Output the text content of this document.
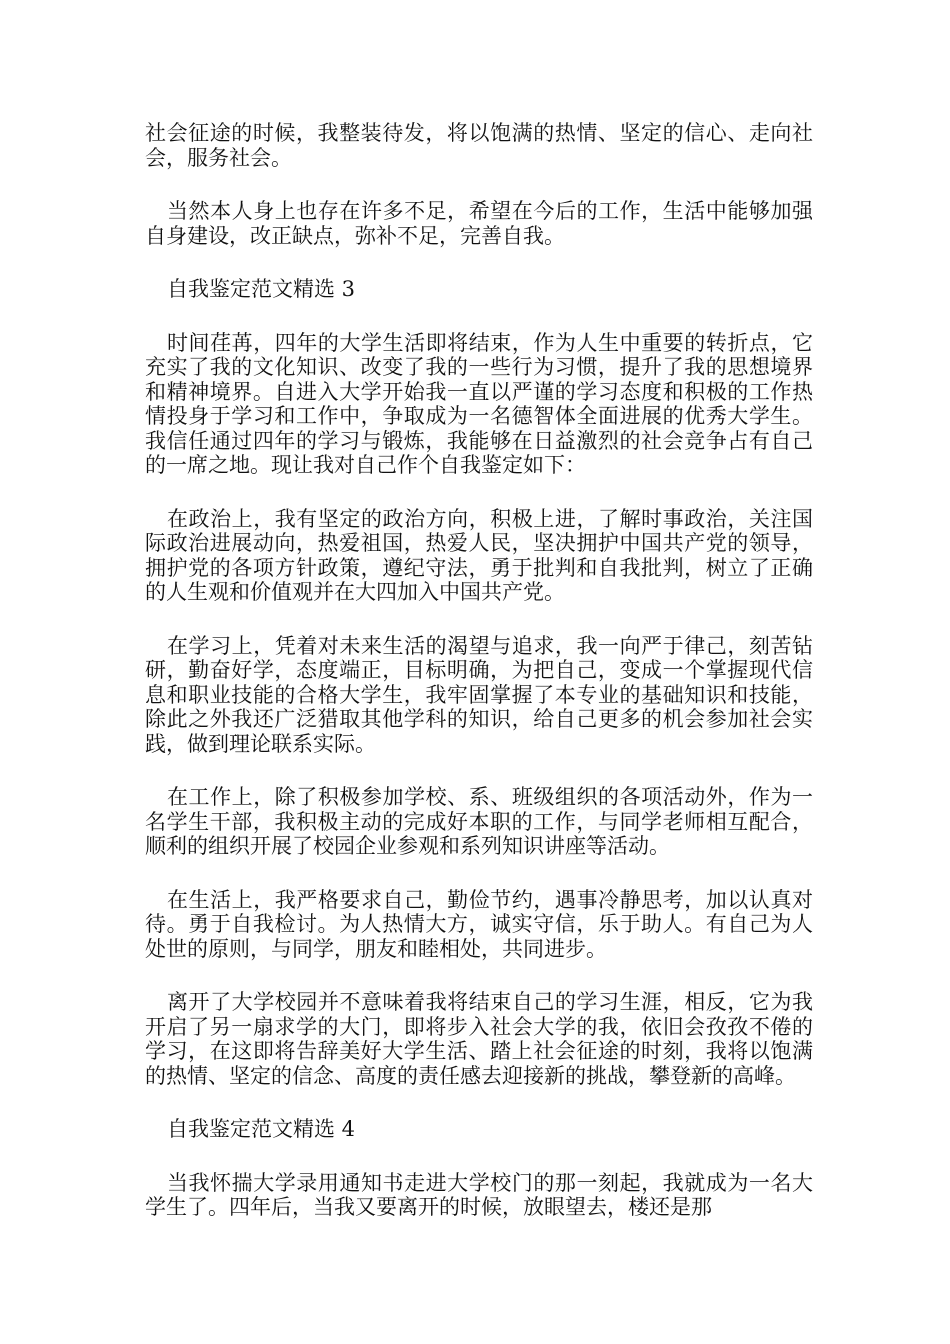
社会征途的时候，我整装待发，将以饱满的热情、坚定的信心、走向社会，服务社会。

当然本人身上也存在许多不足，希望在今后的工作，生活中能够加强自身建设，改正缺点，弥补不足，完善自我。

自我鉴定范文精选 3

时间荏苒，四年的大学生活即将结束，作为人生中重要的转折点，它充实了我的文化知识、改变了我的一些行为习惯，提升了我的思想境界和精神境界。自进入大学开始我一直以严谨的学习态度和积极的工作热情投身于学习和工作中，争取成为一名德智体全面进展的优秀大学生。我信任通过四年的学习与锻炼，我能够在日益激烈的社会竞争占有自己的一席之地。现让我对自己作个自我鉴定如下：

在政治上，我有坚定的政治方向，积极上进，了解时事政治，关注国际政治进展动向，热爱祖国，热爱人民，坚决拥护中国共产党的领导，拥护党的各项方针政策，遵纪守法，勇于批判和自我批判，树立了正确的人生观和价值观并在大四加入中国共产党。

在学习上，凭着对未来生活的渴望与追求，我一向严于律己，刻苦钻研，勤奋好学，态度端正，目标明确，为把自己，变成一个掌握现代信息和职业技能的合格大学生，我牢固掌握了本专业的基础知识和技能，除此之外我还广泛猎取其他学科的知识，给自己更多的机会参加社会实践，做到理论联系实际。

在工作上，除了积极参加学校、系、班级组织的各项活动外，作为一名学生干部，我积极主动的完成好本职的工作，与同学老师相互配合，顺利的组织开展了校园企业参观和系列知识讲座等活动。

在生活上，我严格要求自己，勤俭节约，遇事冷静思考，加以认真对待。勇于自我检讨。为人热情大方，诚实守信，乐于助人。有自己为人处世的原则，与同学，朋友和睦相处，共同进步。

离开了大学校园并不意味着我将结束自己的学习生涯，相反，它为我开启了另一扇求学的大门，即将步入社会大学的我，依旧会孜孜不倦的学习，在这即将告辞美好大学生活、踏上社会征途的时刻，我将以饱满的热情、坚定的信念、高度的责任感去迎接新的挑战，攀登新的高峰。

自我鉴定范文精选 4

当我怀揣大学录用通知书走进大学校门的那一刻起，我就成为一名大学生了。四年后，当我又要离开的时候，放眼望去，楼还是那
